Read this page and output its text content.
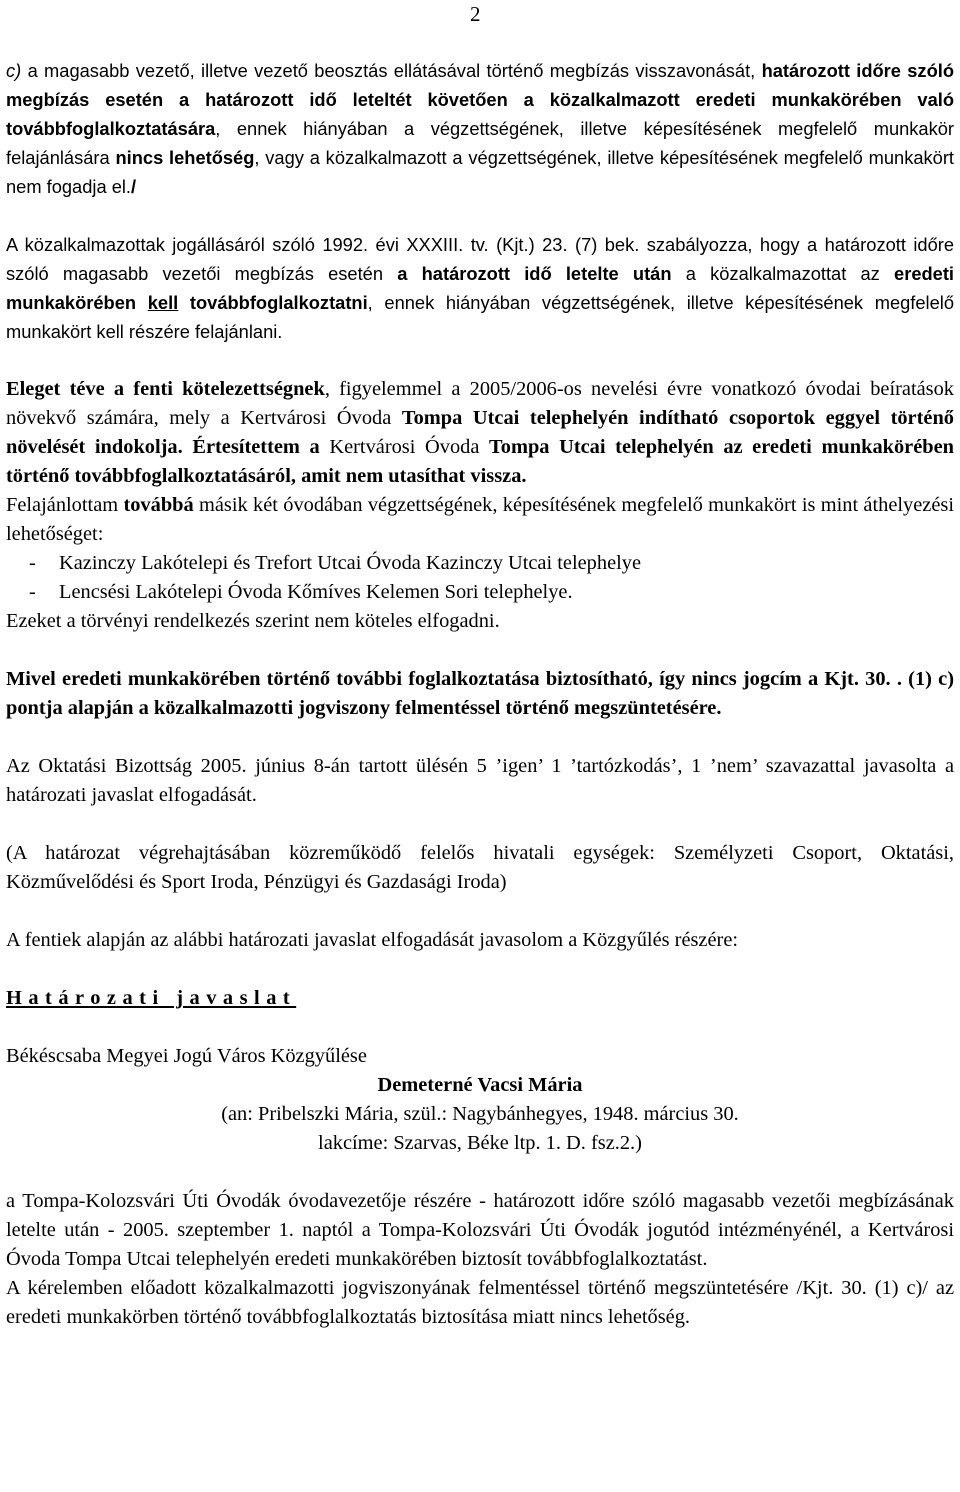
2

c) a magasabb vezető, illetve vezető beosztás ellátásával történő megbízás visszavonását, határozott időre szóló megbízás esetén a határozott idő leteltét követően a közalkalmazott eredeti munkakörében való továbbfoglalkoztatására, ennek hiányában a végzettségének, illetve képesítésének megfelelő munkakör felajánlására nincs lehetőség, vagy a közalkalmazott a végzettségének, illetve képesítésének megfelelő munkakört nem fogadja el./

A közalkalmazottak jogállásáról szóló 1992. évi XXXIII. tv. (Kjt.) 23. (7) bek. szabályozza, hogy a határozott időre szóló magasabb vezetői megbízás esetén a határozott idő letelte után a közalkalmazottat az eredeti munkakörében kell továbbfoglalkoztatni, ennek hiányában végzettségének, illetve képesítésének megfelelő munkakört kell részére felajánlani.

Eleget téve a fenti kötelezettségnek, figyelemmel a 2005/2006-os nevelési évre vonatkozó óvodai beíratások növekvő számára, mely a Kertvárosi Óvoda Tompa Utcai telephelyén indítható csoportok eggyel történő növelését indokolja. Értesítettem a Kertvárosi Óvoda Tompa Utcai telephelyén az eredeti munkakörében történő továbbfoglalkoztatásáról, amit nem utasíthat vissza.

Felajánlottam továbbá másik két óvodában végzettségének, képesítésének megfelelő munkakört is mint áthelyezési lehetőséget:

- Kazinczy Lakótelepi és Trefort Utcai Óvoda Kazinczy Utcai telephelye
- Lencsési Lakótelepi Óvoda Kőmíves Kelemen Sori telephelye.

Ezeket a törvényi rendelkezés szerint nem köteles elfogadni.

Mivel eredeti munkakörében történő további foglalkoztatása biztosítható, így nincs jogcím a Kjt. 30. . (1) c) pontja alapján a közalkalmazotti jogviszony felmentéssel történő megszüntetésére.

Az Oktatási Bizottság 2005. június 8-án tartott ülésén 5 ’igen’ 1 ’tartózkodás’, 1 ’nem’ szavazattal javasolta a határozati javaslat elfogadását.

(A határozat végrehajtásában közreműködő felelős hivatali egységek: Személyzeti Csoport, Oktatási, Közművelődési és Sport Iroda, Pénzügyi és Gazdasági Iroda)

A fentiek alapján az alábbi határozati javaslat elfogadását javasolom a Közgyűlés részére:

Határozati javaslat

Békéscsaba Megyei Jogú Város Közgyűlése

Demeterné Vacsi Mária

(an: Pribelszki Mária, szül.: Nagybánhegyes, 1948. március 30.

lakcíme: Szarvas, Béke ltp. 1. D. fsz.2.)

a Tompa-Kolozsvári Úti Óvodák óvodavezetője részére - határozott időre szóló magasabb vezetői megbízásának letelte után - 2005. szeptember 1. naptól a Tompa-Kolozsvári Úti Óvodák jogutód intézményénél, a Kertvárosi Óvoda Tompa Utcai telephelyén eredeti munkakörében biztosít továbbfoglalkoztatást.

A kérelemben előadott közalkalmazotti jogviszonyának felmentéssel történő megszüntetésére /Kjt. 30. (1) c)/ az eredeti munkakörben történő továbbfoglalkoztatás biztosítása miatt nincs lehetőség.
